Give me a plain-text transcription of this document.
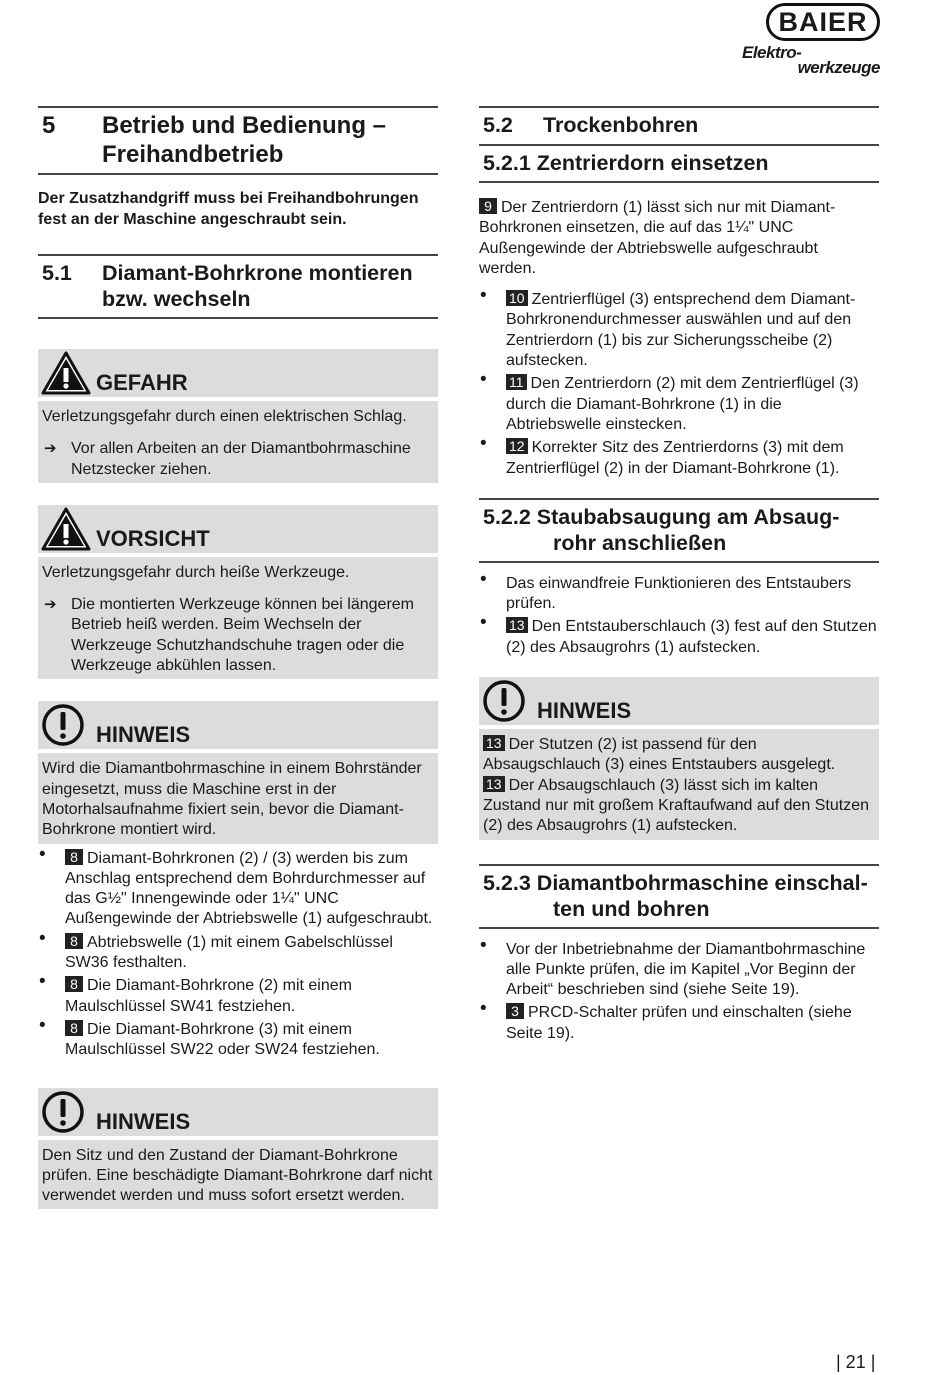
BAIER
Elektro-
werkzeuge
5	Betrieb und Bedienung – Freihandbetrieb

Der Zusatzhandgriff muss bei Freihandbohrungen fest an der Maschine angeschraubt sein.

5.1	Diamant-Bohrkrone montieren bzw. wechseln
GEFAHR

Verletzungsgefahr durch einen elektrischen Schlag.

➔ Vor allen Arbeiten an der Diamantbohrmaschine Netzstecker ziehen.
VORSICHT

Verletzungsgefahr durch heiße Werkzeuge.

➔ Die montierten Werkzeuge können bei längerem Betrieb heiß werden. Beim Wechseln der Werkzeuge Schutzhandschuhe tragen oder die Werkzeuge abkühlen lassen.
HINWEIS

Wird die Diamantbohrmaschine in einem Bohrständer eingesetzt, muss die Maschine erst in der Motorhalsaufnahme fixiert sein, bevor die Diamant-Bohrkrone montiert wird.

• 8 Diamant-Bohrkronen (2) / (3) werden bis zum Anschlag entsprechend dem Bohrdurchmesser auf das G½" Innengewinde oder 1¼" UNC Außengewinde der Abtriebswelle (1) aufgeschraubt.
• 8 Abtriebswelle (1) mit einem Gabelschlüssel SW36 festhalten.
• 8 Die Diamant-Bohrkrone (2) mit einem Maulschlüssel SW41 festziehen.
• 8 Die Diamant-Bohrkrone (3) mit einem Maulschlüssel SW22 oder SW24 festziehen.
HINWEIS

Den Sitz und den Zustand der Diamant-Bohrkrone prüfen. Eine beschädigte Diamant-Bohrkrone darf nicht verwendet werden und muss sofort ersetzt werden.

5.2	Trockenbohren
5.2.1 Zentrierdorn einsetzen

9 Der Zentrierdorn (1) lässt sich nur mit Diamant-Bohrkronen einsetzen, die auf das 1¼" UNC Außengewinde der Abtriebswelle aufgeschraubt werden.

• 10 Zentrierflügel (3) entsprechend dem Diamant-Bohrkronendurchmesser auswählen und auf den Zentrierdorn (1) bis zur Sicherungsscheibe (2) aufstecken.
• 11 Den Zentrierdorn (2) mit dem Zentrierflügel (3) durch die Diamant-Bohrkrone (1) in die Abtriebswelle einstecken.
• 12 Korrekter Sitz des Zentrierdorns (3) mit dem Zentrierflügel (2) in der Diamant-Bohrkrone (1).
5.2.2 Staubabsaugung am Absaug-
rohr anschließen
• Das einwandfreie Funktionieren des Entstaubers prüfen.
• 13 Den Entstauberschlauch (3) fest auf den Stutzen (2) des Absaugrohrs (1) aufstecken.
HINWEIS

13 Der Stutzen (2) ist passend für den Absaugschlauch (3) eines Entstaubers ausgelegt.

13 Der Absaugschlauch (3) lässt sich im kalten Zustand nur mit großem Kraftaufwand auf den Stutzen (2) des Absaugrohrs (1) aufstecken.

5.2.3 Diamantbohrmaschine einschal-
ten und bohren
• Vor der Inbetriebnahme der Diamantbohrmaschine alle Punkte prüfen, die im Kapitel „Vor Beginn der Arbeit“ beschrieben sind (siehe Seite 19).
• 3 PRCD-Schalter prüfen und einschalten (siehe Seite 19).
| 21 |
